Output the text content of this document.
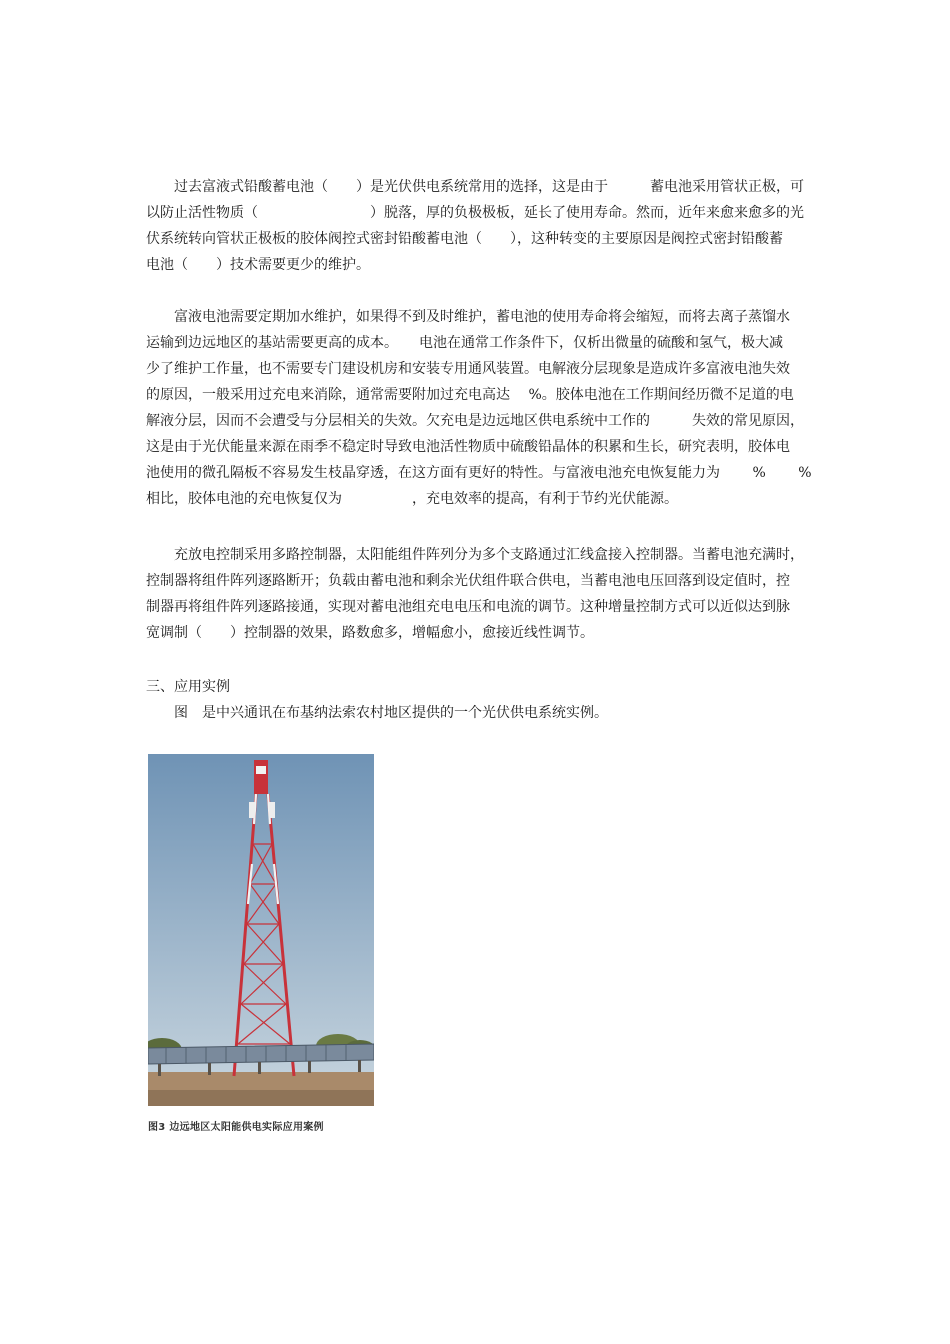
过去富液式铅酸蓄电池（　　）是光伏供电系统常用的选择，这是由于　　　蓄电池采用管状正极，可
以防止活性物质（　　　　　　　　）脱落，厚的负极极板，延长了使用寿命。然而，近年来愈来愈多的光
伏系统转向管状正极板的胶体阀控式密封铅酸蓄电池（　　），这种转变的主要原因是阀控式密封铅酸蓄
电池（　　）技术需要更少的维护。
富液电池需要定期加水维护，如果得不到及时维护，蓄电池的使用寿命将会缩短，而将去离子蒸馏水
运输到边远地区的基站需要更高的成本。　　电池在通常工作条件下，仅析出微量的硫酸和氢气，极大减
少了维护工作量，也不需要专门建设机房和安装专用通风装置。电解液分层现象是造成许多富液电池失效
的原因，一般采用过充电来消除，通常需要附加过充电高达　 %。胶体电池在工作期间经历微不足道的电
解液分层，因而不会遭受与分层相关的失效。欠充电是边远地区供电系统中工作的　　　失效的常见原因，
这是由于光伏能量来源在雨季不稳定时导致电池活性物质中硫酸铅晶体的积累和生长，研究表明，胶体电
池使用的微孔隔板不容易发生枝晶穿透，在这方面有更好的特性。与富液电池充电恢复能力为　　 %　　 %
相比，胶体电池的充电恢复仅为　　　　　，充电效率的提高，有利于节约光伏能源。
充放电控制采用多路控制器，太阳能组件阵列分为多个支路通过汇线盒接入控制器。当蓄电池充满时，
控制器将组件阵列逐路断开；负载由蓄电池和剩余光伏组件联合供电，当蓄电池电压回落到设定值时，控
制器再将组件阵列逐路接通，实现对蓄电池组充电电压和电流的调节。这种增量控制方式可以近似达到脉
宽调制（　　）控制器的效果，路数愈多，增幅愈小，愈接近线性调节。
三、应用实例
图　是中兴通讯在布基纳法索农村地区提供的一个光伏供电系统实例。
图3 边远地区太阳能供电实际应用案例
